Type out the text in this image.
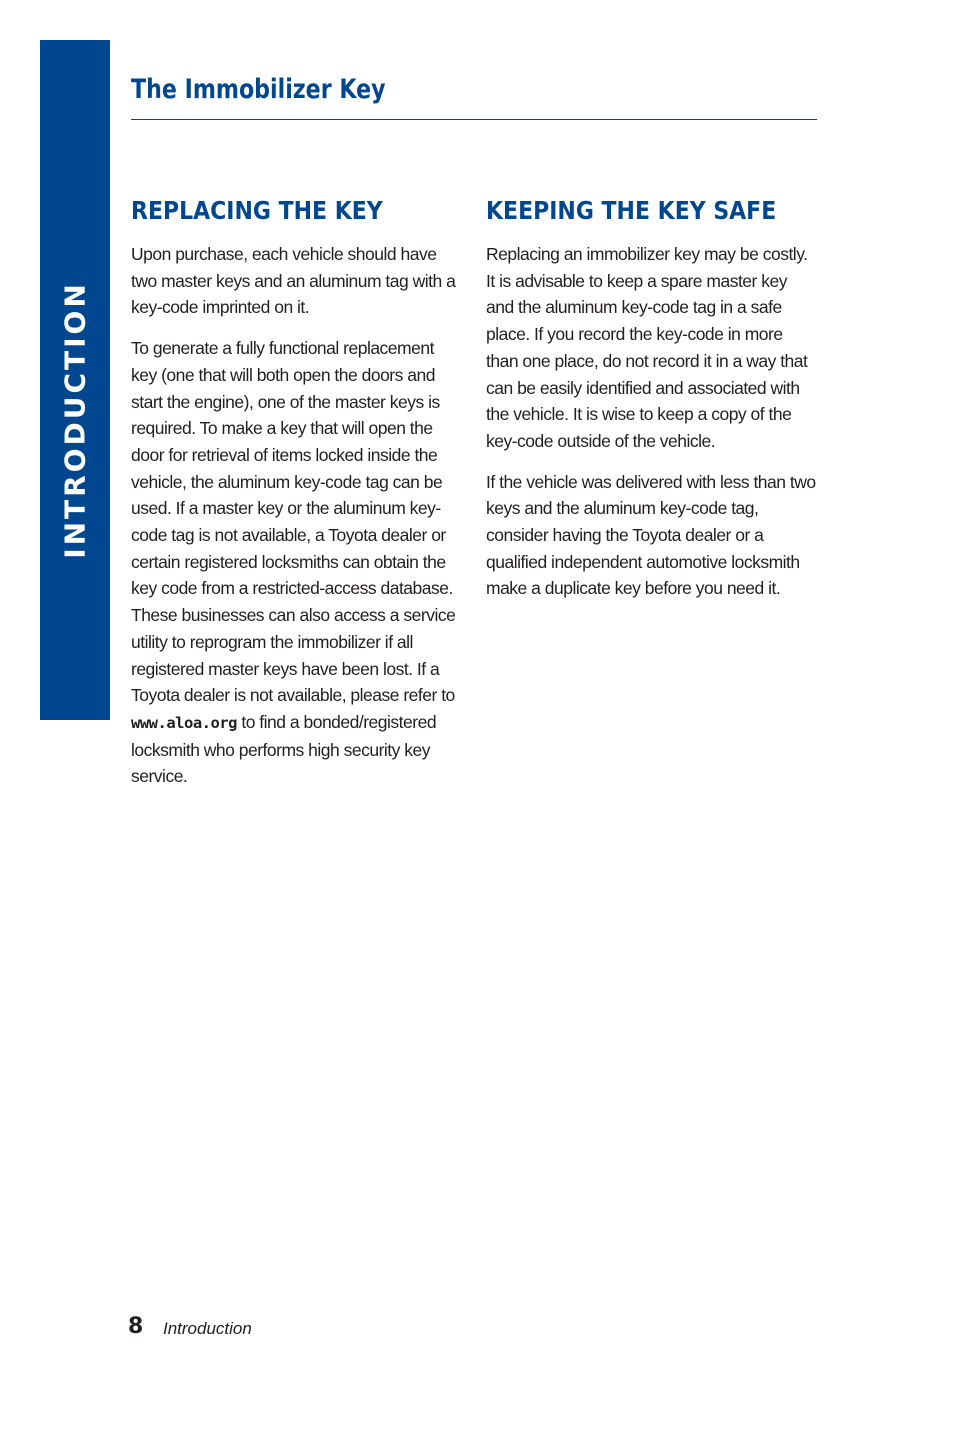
INTRODUCTION
The Immobilizer Key
REPLACING THE KEY

Upon purchase, each vehicle should have two master keys and an aluminum tag with a key-code imprinted on it.

To generate a fully functional replacement key (one that will both open the doors and start the engine), one of the master keys is required. To make a key that will open the door for retrieval of items locked inside the vehicle, the aluminum key-code tag can be used. If a master key or the aluminum key-code tag is not available, a Toyota dealer or certain registered locksmiths can obtain the key code from a restricted-access database. These businesses can also access a service utility to reprogram the immobilizer if all registered master keys have been lost. If a Toyota dealer is not available, please refer to www.aloa.org to find a bonded/registered locksmith who performs high security key service.

KEEPING THE KEY SAFE

Replacing an immobilizer key may be costly. It is advisable to keep a spare master key and the aluminum key-code tag in a safe place. If you record the key-code in more than one place, do not record it in a way that can be easily identified and associated with the vehicle. It is wise to keep a copy of the key-code outside of the vehicle.

If the vehicle was delivered with less than two keys and the aluminum key-code tag, consider having the Toyota dealer or a qualified independent automotive locksmith make a duplicate key before you need it.

8 Introduction
